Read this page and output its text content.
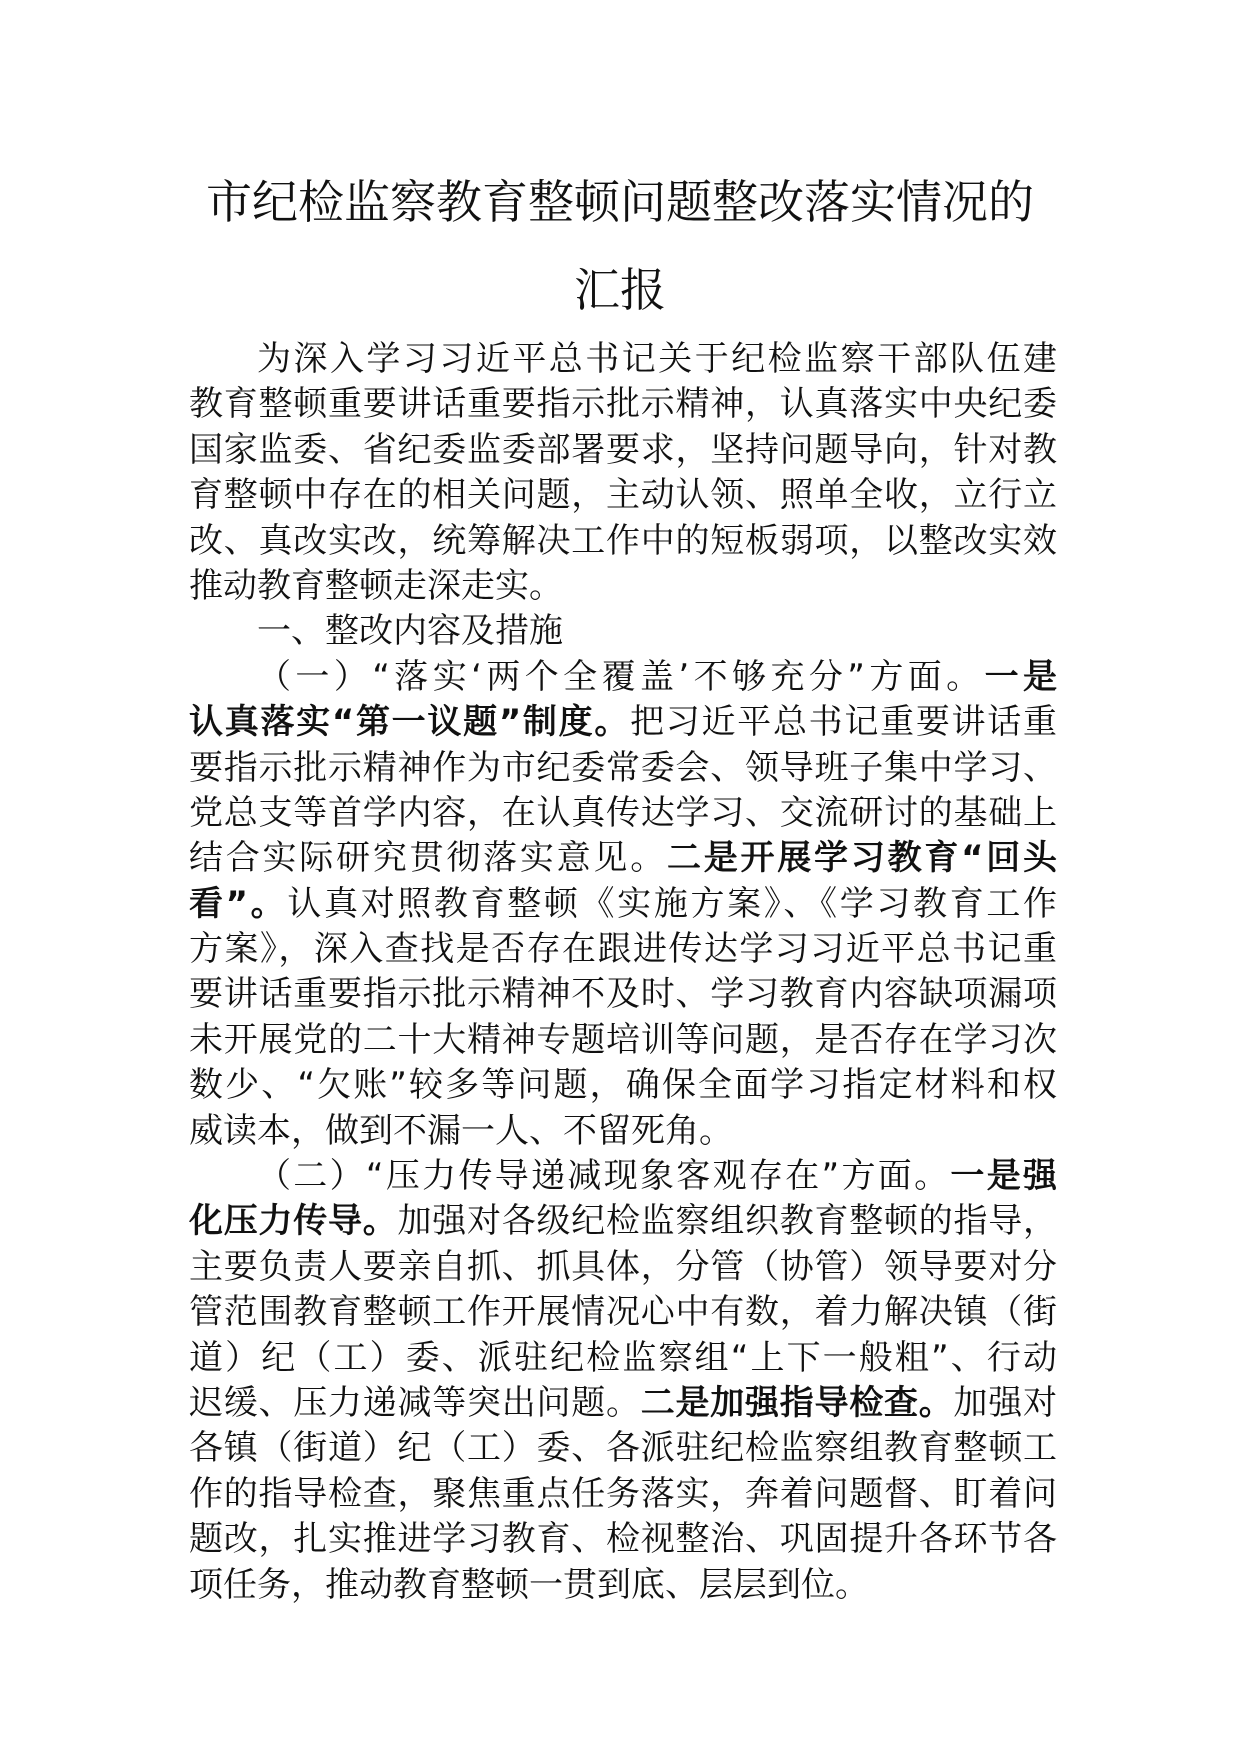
市纪检监察教育整顿问题整改落实情况的
汇报
为深入学习习近平总书记关于纪检监察干部队伍建
教育整顿重要讲话重要指示批示精神，认真落实中央纪委
国家监委、省纪委监委部署要求，坚持问题导向，针对教
育整顿中存在的相关问题，主动认领、照单全收，立行立
改、真改实改，统筹解决工作中的短板弱项，以整改实效
推动教育整顿走深走实。
一、整改内容及措施
（一）“落实‘两个全覆盖’不够充分”方面。一是
认真落实“第一议题”制度。把习近平总书记重要讲话重
要指示批示精神作为市纪委常委会、领导班子集中学习、
党总支等首学内容，在认真传达学习、交流研讨的基础上
结合实际研究贯彻落实意见。二是开展学习教育“回头
看”。认真对照教育整顿《实施方案》、《学习教育工作
方案》，深入查找是否存在跟进传达学习习近平总书记重
要讲话重要指示批示精神不及时、学习教育内容缺项漏项
未开展党的二十大精神专题培训等问题，是否存在学习次
数少、“欠账”较多等问题，确保全面学习指定材料和权
威读本，做到不漏一人、不留死角。
（二）“压力传导递减现象客观存在”方面。一是强
化压力传导。加强对各级纪检监察组织教育整顿的指导，
主要负责人要亲自抓、抓具体，分管（协管）领导要对分
管范围教育整顿工作开展情况心中有数，着力解决镇（街
道）纪（工）委、派驻纪检监察组“上下一般粗”、行动
迟缓、压力递减等突出问题。二是加强指导检查。加强对
各镇（街道）纪（工）委、各派驻纪检监察组教育整顿工
作的指导检查，聚焦重点任务落实，奔着问题督、盯着问
题改，扎实推进学习教育、检视整治、巩固提升各环节各
项任务，推动教育整顿一贯到底、层层到位。
